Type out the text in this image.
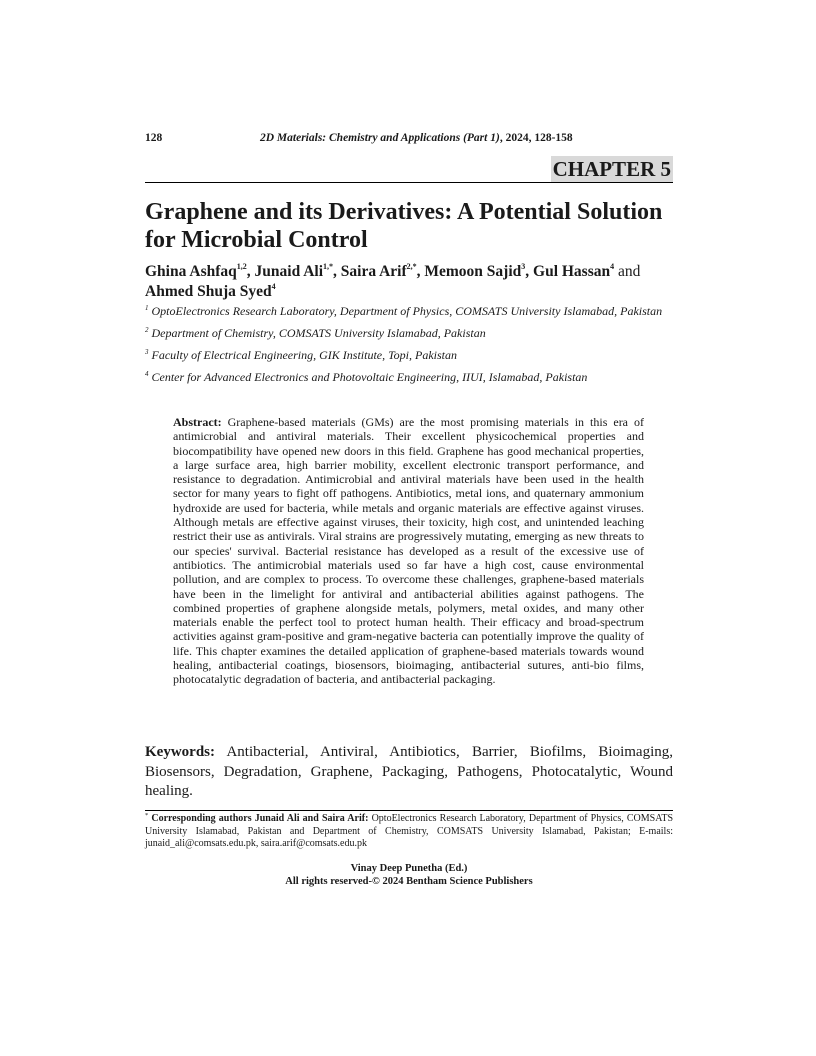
128	2D Materials: Chemistry and Applications (Part 1), 2024, 128-158
CHAPTER 5
Graphene and its Derivatives: A Potential Solution for Microbial Control
Ghina Ashfaq$^{1,2}$, Junaid Ali$^{1,*}$, Saira Arif$^{2,*}$, Memoon Sajid$^3$, Gul Hassan$^4$ and
Ahmed Shuja Syed$^4$
$^1$ OptoElectronics Research Laboratory, Department of Physics, COMSATS University Islamabad, Pakistan
$^2$ Department of Chemistry, COMSATS University Islamabad, Pakistan
$^3$ Faculty of Electrical Engineering, GIK Institute, Topi, Pakistan
$^4$ Center for Advanced Electronics and Photovoltaic Engineering, IIUI, Islamabad, Pakistan
Abstract: Graphene-based materials (GMs) are the most promising materials in this era of antimicrobial and antiviral materials. Their excellent physicochemical properties and biocompatibility have opened new doors in this field. Graphene has good mechanical properties, a large surface area, high barrier mobility, excellent electronic transport performance, and resistance to degradation. Antimicrobial and antiviral materials have been used in the health sector for many years to fight off pathogens. Antibiotics, metal ions, and quaternary ammonium hydroxide are used for bacteria, while metals and organic materials are effective against viruses. Although metals are effective against viruses, their toxicity, high cost, and unintended leaching restrict their use as antivirals. Viral strains are progressively mutating, emerging as new threats to our species' survival. Bacterial resistance has developed as a result of the excessive use of antibiotics. The antimicrobial materials used so far have a high cost, cause environmental pollution, and are complex to process. To overcome these challenges, graphene-based materials have been in the limelight for antiviral and antibacterial abilities against pathogens. The combined properties of graphene alongside metals, polymers, metal oxides, and many other materials enable the perfect tool to protect human health. Their efficacy and broad-spectrum activities against gram-positive and gram-negative bacteria can potentially improve the quality of life. This chapter examines the detailed application of graphene-based materials towards wound healing, antibacterial coatings, biosensors, bioimaging, antibacterial sutures, anti-bio films, photocatalytic degradation of bacteria, and antibacterial packaging.
Keywords: Antibacterial, Antiviral, Antibiotics, Barrier, Biofilms, Bioimaging, Biosensors, Degradation, Graphene, Packaging, Pathogens, Photocatalytic, Wound healing.
* Corresponding authors Junaid Ali and Saira Arif: OptoElectronics Research Laboratory, Department of Physics, COMSATS University Islamabad, Pakistan and Department of Chemistry, COMSATS University Islamabad, Pakistan; E-mails: junaid_ali@comsats.edu.pk, saira.arif@comsats.edu.pk
Vinay Deep Punetha (Ed.)
All rights reserved-© 2024 Bentham Science Publishers
